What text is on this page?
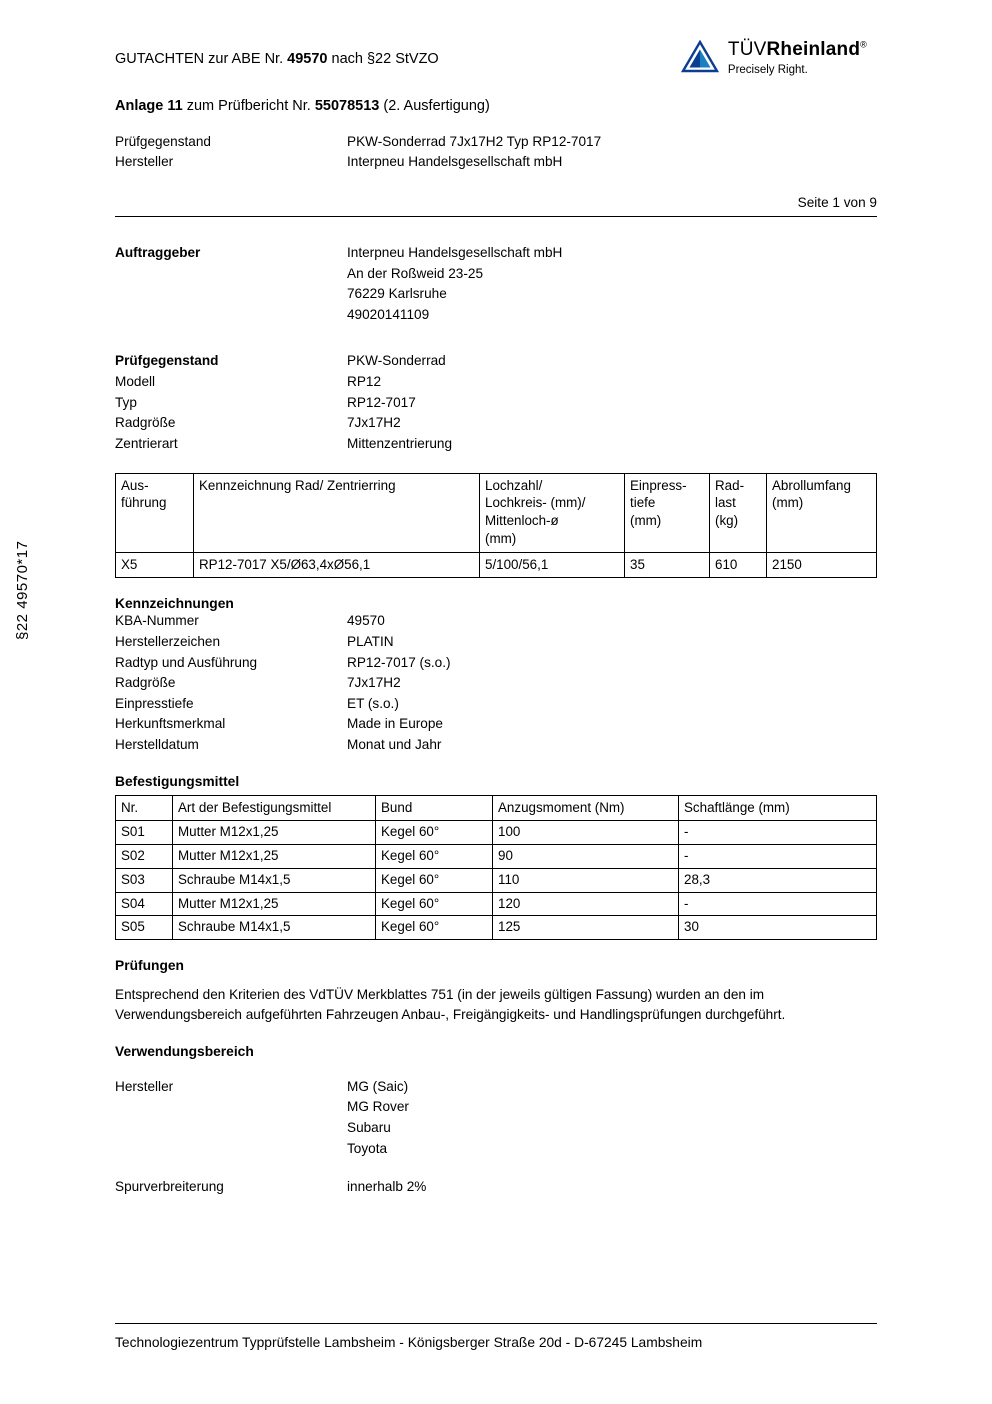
§22 49570*17
GUTACHTEN zur ABE Nr. 49570 nach §22 StVZO	TÜVRheinland®
Precisely Right.
Anlage 11 zum Prüfbericht Nr. 55078513 (2. Ausfertigung)
Prüfgegenstand	PKW-Sonderrad 7Jx17H2 Typ RP12-7017
Hersteller	Interpneu Handelsgesellschaft mbH
Seite 1 von 9
Auftraggeber	Interpneu Handelsgesellschaft mbH
An der Roßweid 23-25
76229 Karlsruhe
49020141109
Prüfgegenstand	PKW-Sonderrad
Modell	RP12
Typ	RP12-7017
Radgröße	7Jx17H2
Zentrierart	Mittenzentrierung
Aus-
führung	Kennzeichnung Rad/ Zentrierring	Lochzahl/
Lochkreis- (mm)/
Mittenloch-ø
(mm)	Einpress-
tiefe
(mm)	Rad-
last
(kg)	Abrollumfang
(mm)
X5	RP12-7017 X5/Ø63,4xØ56,1	5/100/56,1	35	610	2150
Kennzeichnungen
KBA-Nummer	49570
Herstellerzeichen	PLATIN
Radtyp und Ausführung	RP12-7017 (s.o.)
Radgröße	7Jx17H2
Einpresstiefe	ET (s.o.)
Herkunftsmerkmal	Made in Europe
Herstelldatum	Monat und Jahr
Befestigungsmittel
Nr.	Art der Befestigungsmittel	Bund	Anzugsmoment (Nm)	Schaftlänge (mm)
S01	Mutter M12x1,25	Kegel 60°	100	-
S02	Mutter M12x1,25	Kegel 60°	90	-
S03	Schraube M14x1,5	Kegel 60°	110	28,3
S04	Mutter M12x1,25	Kegel 60°	120	-
S05	Schraube M14x1,5	Kegel 60°	125	30
Prüfungen
Entsprechend den Kriterien des VdTÜV Merkblattes 751 (in der jeweils gültigen Fassung) wurden an den im Verwendungsbereich aufgeführten Fahrzeugen Anbau-, Freigängigkeits- und Handlingsprüfungen durchgeführt.
Verwendungsbereich
Hersteller	MG (Saic)
MG Rover
Subaru
Toyota
Spurverbreiterung	innerhalb 2%
Technologiezentrum Typprüfstelle Lambsheim - Königsberger Straße 20d - D-67245 Lambsheim
